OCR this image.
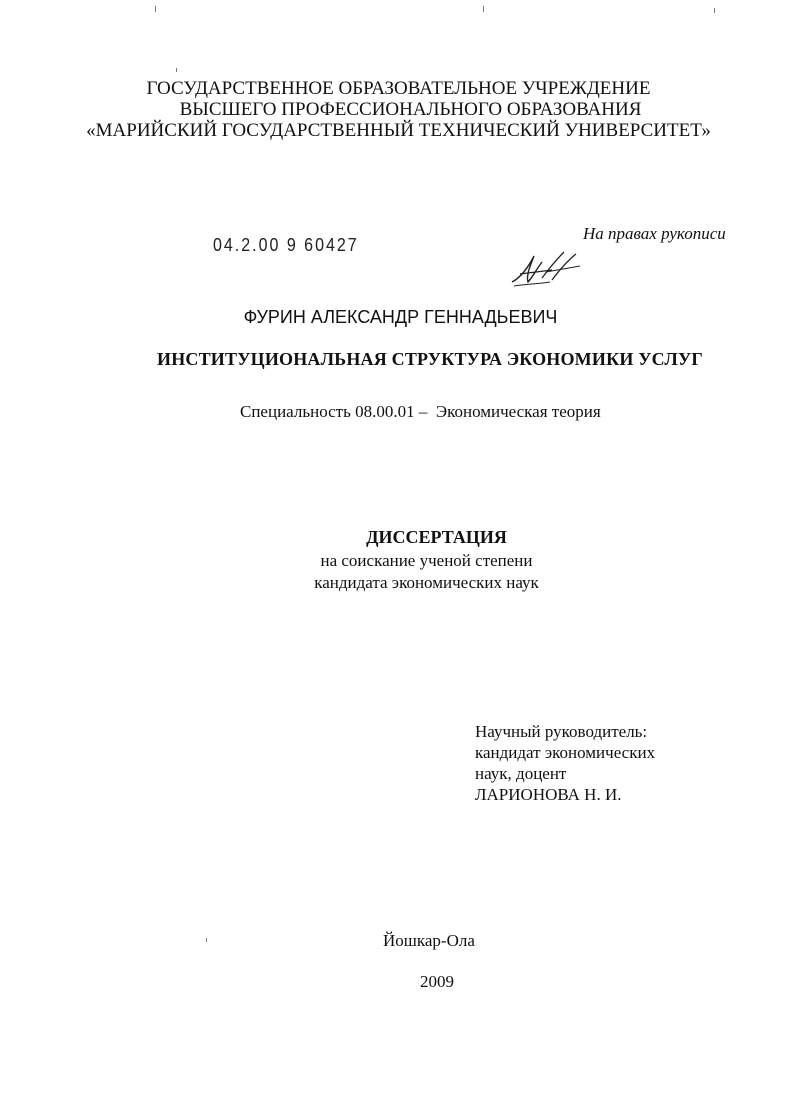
ГОСУДАРСТВЕННОЕ ОБРАЗОВАТЕЛЬНОЕ УЧРЕЖДЕНИЕ
ВЫСШЕГО ПРОФЕССИОНАЛЬНОГО ОБРАЗОВАНИЯ
«МАРИЙСКИЙ ГОСУДАРСТВЕННЫЙ ТЕХНИЧЕСКИЙ УНИВЕРСИТЕТ»
04.2.00 9 60427
На правах рукописи
ФУРИН АЛЕКСАНДР ГЕННАДЬЕВИЧ
ИНСТИТУЦИОНАЛЬНАЯ СТРУКТУРА ЭКОНОМИКИ УСЛУГ
Специальность 08.00.01 –  Экономическая теория
ДИССЕРТАЦИЯ
на соискание ученой степени
кандидата экономических наук
Научный руководитель:
кандидат экономических
наук, доцент
ЛАРИОНОВА Н. И.
Йошкар-Ола
2009
